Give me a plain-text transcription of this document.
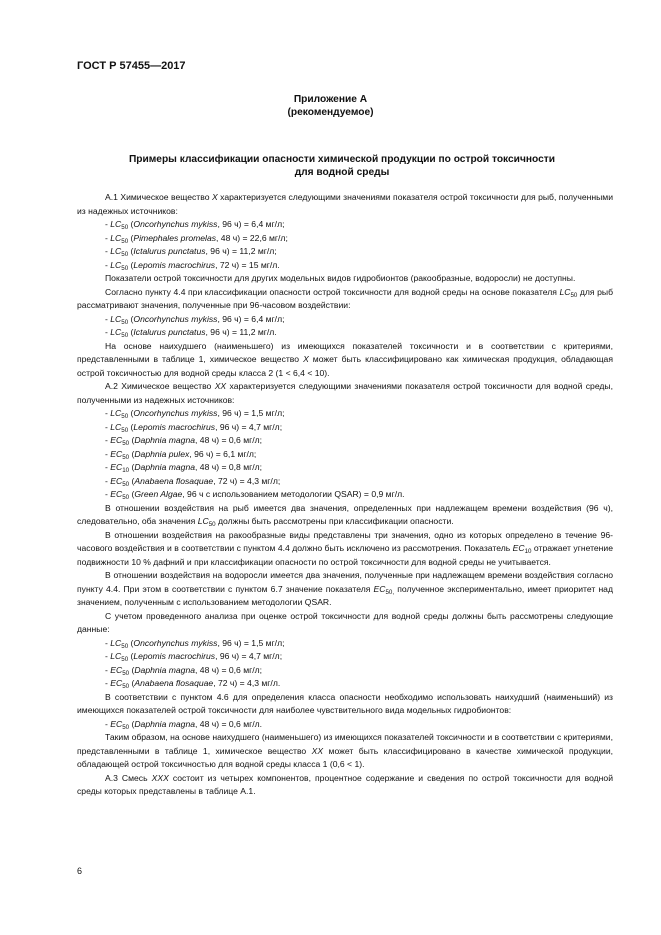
ГОСТ Р 57455—2017

Приложение А
(рекомендуемое)
Примеры классификации опасности химической продукции по острой токсичности
для водной среды

А.1 Химическое вещество X характеризуется следующими значениями показателя острой токсичности для рыб, полученными из надежных источников:

- $LC_{50}$ (Oncorhynchus mykiss, 96 ч) = 6,4 мг/л;

- $LC_{50}$ (Pimephales promelas, 48 ч) = 22,6 мг/л;

- $LC_{50}$ (Ictalurus punctatus, 96 ч) = 11,2 мг/л;

- $LC_{50}$ (Lepomis macrochirus, 72 ч) = 15 мг/л.

Показатели острой токсичности для других модельных видов гидробионтов (ракообразные, водоросли) не доступны.

Согласно пункту 4.4 при классификации опасности острой токсичности для водной среды на основе показателя $LC_{50}$ для рыб рассматривают значения, полученные при 96-часовом воздействии:

- $LC_{50}$ (Oncorhynchus mykiss, 96 ч) = 6,4 мг/л;

- $LC_{50}$ (Ictalurus punctatus, 96 ч) = 11,2 мг/л.

На основе наихудшего (наименьшего) из имеющихся показателей токсичности и в соответствии с критериями, представленными в таблице 1, химическое вещество X может быть классифицировано как химическая продукция, обладающая острой токсичностью для водной среды класса 2 (1 < 6,4 < 10).

А.2 Химическое вещество XX характеризуется следующими значениями показателя острой токсичности для водной среды, полученными из надежных источников:

- $LC_{50}$ (Oncorhynchus mykiss, 96 ч) = 1,5 мг/л;

- $LC_{50}$ (Lepomis macrochirus, 96 ч) = 4,7 мг/л;

- $EC_{50}$ (Daphnia magna, 48 ч) = 0,6 мг/л;

- $EC_{50}$ (Daphnia pulex, 96 ч) = 6,1 мг/л;

- $EC_{10}$ (Daphnia magna, 48 ч) = 0,8 мг/л;

- $EC_{50}$ (Anabaena flosaquae, 72 ч) = 4,3 мг/л;

- $EC_{50}$ (Green Algae, 96 ч с использованием методологии QSAR) = 0,9 мг/л.

В отношении воздействия на рыб имеется два значения, определенных при надлежащем времени воздействия (96 ч), следовательно, оба значения $LC_{50}$ должны быть рассмотрены при классификации опасности.

В отношении воздействия на ракообразные виды представлены три значения, одно из которых определено в течение 96-часового воздействия и в соответствии с пунктом 4.4 должно быть исключено из рассмотрения. Показатель $EC_{10}$ отражает угнетение подвижности 10 % дафний и при классификации опасности по острой токсичности для водной среды не учитывается.

В отношении воздействия на водоросли имеется два значения, полученные при надлежащем времени воздействия согласно пункту 4.4. При этом в соответствии с пунктом 6.7 значение показателя $EC_{50,}$ полученное экспериментально, имеет приоритет над значением, полученным с использованием методологии QSAR.

С учетом проведенного анализа при оценке острой токсичности для водной среды должны быть рассмотрены следующие данные:

- $LC_{50}$ (Oncorhynchus mykiss, 96 ч) = 1,5 мг/л;

- $LC_{50}$ (Lepomis macrochirus, 96 ч) = 4,7 мг/л;

- $EC_{50}$ (Daphnia magna, 48 ч) = 0,6 мг/л;

- $EC_{50}$ (Anabaena flosaquae, 72 ч) = 4,3 мг/л.

В соответствии с пунктом 4.6 для определения класса опасности необходимо использовать наихудший (наименьший) из имеющихся показателей острой токсичности для наиболее чувствительного вида модельных гидробионтов:

- $EC_{50}$ (Daphnia magna, 48 ч) = 0,6 мг/л.

Таким образом, на основе наихудшего (наименьшего) из имеющихся показателей токсичности и в соответствии с критериями, представленными в таблице 1, химическое вещество XX может быть классифицировано в качестве химической продукции, обладающей острой токсичностью для водной среды класса 1 (0,6 < 1).

А.3 Смесь XXX состоит из четырех компонентов, процентное содержание и сведения по острой токсичности для водной среды которых представлены в таблице А.1.

6
